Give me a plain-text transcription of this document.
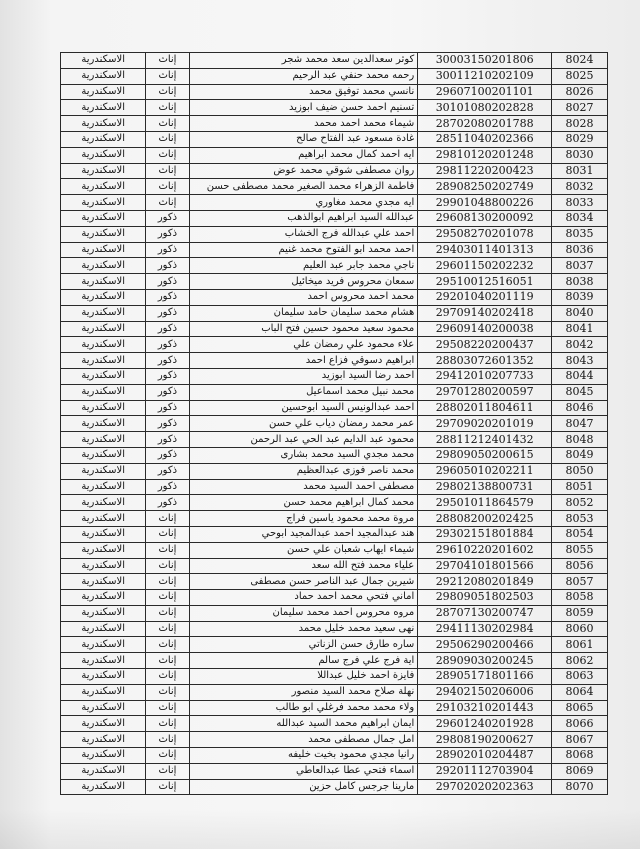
الاسكندرية	إناث	كوثر سعدالدين سعد محمد شجر	30003150201806	8024
الاسكندرية	إناث	رحمه محمد حنفي عبد الرحيم	30011210202109	8025
الاسكندرية	إناث	نانسي محمد توفيق محمد	29607100201101	8026
الاسكندرية	إناث	تسنيم احمد حسن ضيف ابوزيد	30101080202828	8027
الاسكندرية	إناث	شيماء محمد احمد محمد	28702080201788	8028
الاسكندرية	إناث	غادة مسعود عبد الفتاح صالح	28511040202366	8029
الاسكندرية	إناث	ايه احمد كمال محمد ابراهيم	29810120201248	8030
الاسكندرية	إناث	روان مصطفى شوقي محمد عوض	29811220200423	8031
الاسكندرية	إناث	فاطمة الزهراء محمد الصغير محمد مصطفى حسن	28908250202749	8032
الاسكندرية	إناث	ايه مجدي محمد مغاوري	29901048800226	8033
الاسكندرية	ذكور	عبدالله السيد ابراهيم ابوالذهب	29608130200092	8034
الاسكندرية	ذكور	احمد علي عبدالله فرج الخشاب	29508270201078	8035
الاسكندرية	ذكور	احمد محمد ابو الفتوح محمد غنيم	29403011401313	8036
الاسكندرية	ذكور	ناجي محمد جابر عبد العليم	29601150202232	8037
الاسكندرية	ذكور	سمعان محروس فريد ميخائيل	29510012516051	8038
الاسكندرية	ذكور	محمد احمد محروس احمد	29201040201119	8039
الاسكندرية	ذكور	هشام محمد سليمان حامد سليمان	29709140202418	8040
الاسكندرية	ذكور	محمود سعيد محمود حسين فتح الباب	29609140200038	8041
الاسكندرية	ذكور	علاء محمود علي رمضان علي	29508220200437	8042
الاسكندرية	ذكور	ابراهيم دسوقي فزاع احمد	28803072601352	8043
الاسكندرية	ذكور	احمد رضا السيد ابوزيد	29412010207733	8044
الاسكندرية	ذكور	محمد نبيل محمد اسماعيل	29701280200597	8045
الاسكندرية	ذكور	احمد عبدالونيس السيد ابوحسين	28802011804611	8046
الاسكندرية	ذكور	عمر محمد رمضان دياب علي حسن	29709020201019	8047
الاسكندرية	ذكور	محمود عبد الدايم عبد الحي عبد الرحمن	28811212401432	8048
الاسكندرية	ذكور	محمد مجدي السيد محمد بشارى	29809050200615	8049
الاسكندرية	ذكور	محمد ناصر فوزى عبدالعظيم	29605010202211	8050
الاسكندرية	ذكور	مصطفى احمد السيد محمد	29802138800731	8051
الاسكندرية	ذكور	محمد كمال ابراهيم محمد حسن	29501011864579	8052
الاسكندرية	إناث	مروة محمد محمود ياسين فراج	28808200202425	8053
الاسكندرية	إناث	هند عبدالمجيد احمد عبدالمجيد ابوحي	29302151801884	8054
الاسكندرية	إناث	شيماء ايهاب شعبان علي حسن	29610220201602	8055
الاسكندرية	إناث	علياء محمد فتح الله سعد	29704101801566	8056
الاسكندرية	إناث	شيرين جمال عبد الناصر حسن مصطفى	29212080201849	8057
الاسكندرية	إناث	اماني فتحي محمد احمد حماد	29809051802503	8058
الاسكندرية	إناث	مروه محروس احمد محمد سليمان	28707130200747	8059
الاسكندرية	إناث	نهى سعيد محمد خليل محمد	29411130202984	8060
الاسكندرية	إناث	ساره طارق حسن الزناتي	29506290200466	8061
الاسكندرية	إناث	اية فرج علي فرج سالم	28909030200245	8062
الاسكندرية	إناث	فايزة احمد خليل عبداللا	28905171801166	8063
الاسكندرية	إناث	نهلة صلاح محمد السيد منصور	29402150206006	8064
الاسكندرية	إناث	ولاء محمد محمد فرغلي ابو طالب	29103210201443	8065
الاسكندرية	إناث	ايمان ابراهيم محمد السيد عبدالله	29601240201928	8066
الاسكندرية	إناث	امل جمال مصطفى محمد	29808190200627	8067
الاسكندرية	إناث	رانيا مجدي محمود بخيت خليفه	28902010204487	8068
الاسكندرية	إناث	اسماء فتحي عطا عبدالعاطي	29201112703904	8069
الاسكندرية	إناث	مارينا جرجس كامل حزين	29702020202363	8070
